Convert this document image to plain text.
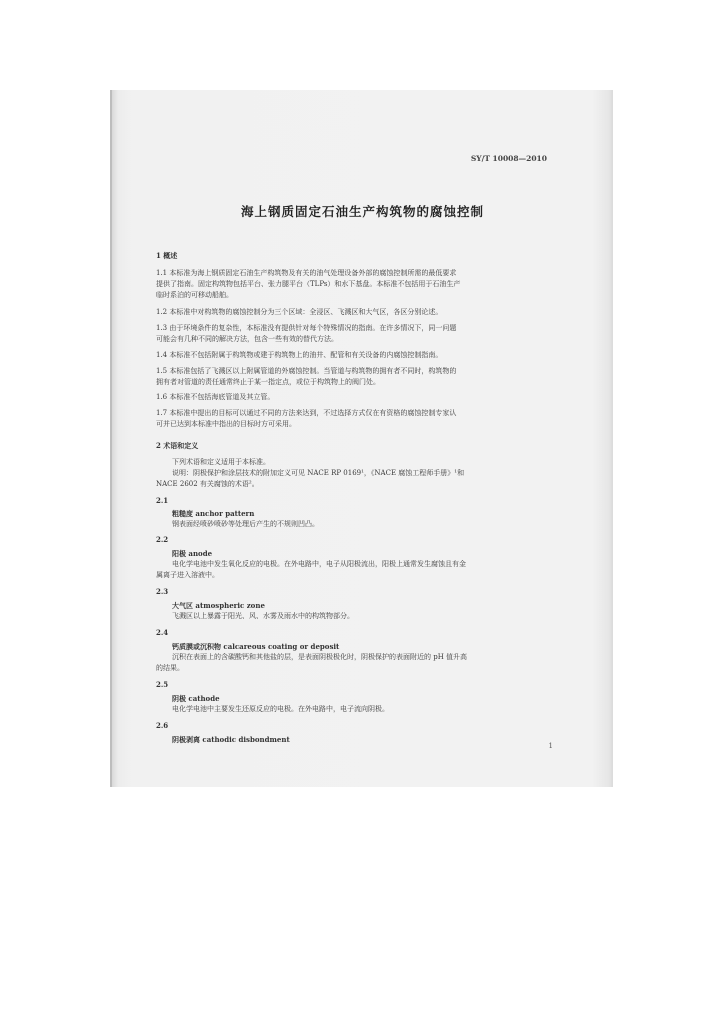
SY/T 10008—2010
海上钢质固定石油生产构筑物的腐蚀控制
1 概述
1.1 本标准为海上钢质固定石油生产构筑物及有关的油气处理设备外部的腐蚀控制所需的最低要求
提供了指南。固定构筑物包括平台、张力腿平台（TLPs）和水下基盘。本标准不包括用于石油生产
临时系泊的可移动船舶。
1.2 本标准中对构筑物的腐蚀控制分为三个区域：全浸区、飞溅区和大气区，各区分别论述。
1.3 由于环境条件的复杂性，本标准没有提供针对每个特殊情况的指南。在许多情况下，同一问题
可能会有几种不同的解决方法，包含一些有效的替代方法。
1.4 本标准不包括附属于构筑物或建于构筑物上的油井、配管和有关设备的内腐蚀控制指南。
1.5 本标准包括了飞溅区以上附属管道的外腐蚀控制。当管道与构筑物的拥有者不同时，构筑物的
拥有者对管道的责任通常终止于某一指定点，或位于构筑物上的阀门处。
1.6 本标准不包括海底管道及其立管。
1.7 本标准中提出的目标可以通过不同的方法来达到，不过选择方式仅在有资格的腐蚀控制专家认
可并已达到本标准中指出的目标时方可采用。
2 术语和定义
下列术语和定义适用于本标准。
说明：阴极保护和涂层技术的附加定义可见 NACE RP 0169¹，《NACE 腐蚀工程师手册》¹和
NACE 2602 有关腐蚀的术语²。
2.1
粗糙度 anchor pattern
钢表面经喷砂喷砂等处理后产生的不规则凹凸。
2.2
阳极 anode
电化学电池中发生氧化反应的电极。在外电路中，电子从阳极流出，阳极上通常发生腐蚀且有金
属离子进入溶液中。
2.3
大气区 atmospheric zone
飞溅区以上暴露于阳光、风、水雾及雨水中的构筑物部分。
2.4
钙质膜或沉积物 calcareous coating or deposit
沉积在表面上的含碳酸钙和其他盐的层，是表面阴极极化时，阴极保护的表面附近的 pH 值升高
的结果。
2.5
阴极 cathode
电化学电池中主要发生还原反应的电极。在外电路中，电子流向阴极。
2.6
阴极剥离 cathodic disbondment
1
